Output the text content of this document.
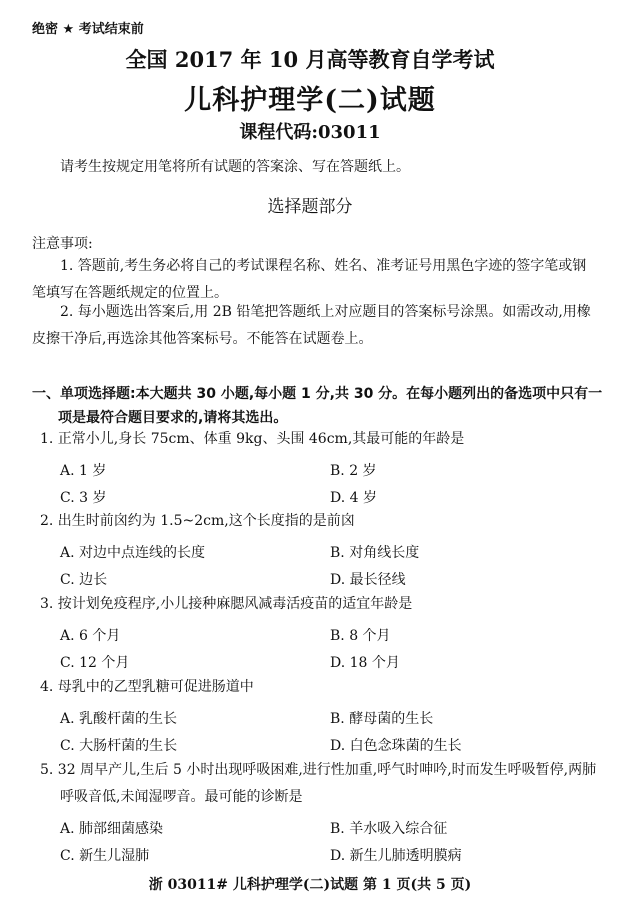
绝密 ★ 考试结束前
全国 2017 年 10 月高等教育自学考试
儿科护理学(二)试题
课程代码:03011
请考生按规定用笔将所有试题的答案涂、写在答题纸上。
选择题部分
注意事项:
1. 答题前,考生务必将自己的考试课程名称、姓名、准考证号用黑色字迹的签字笔或钢笔填写在答题纸规定的位置上。
2. 每小题选出答案后,用 2B 铅笔把答题纸上对应题目的答案标号涂黑。如需改动,用橡皮擦干净后,再选涂其他答案标号。不能答在试题卷上。
一、单项选择题:本大题共 30 小题,每小题 1 分,共 30 分。在每小题列出的备选项中只有一项是最符合题目要求的,请将其选出。
1. 正常小儿,身长 75cm、体重 9kg、头围 46cm,其最可能的年龄是
A. 1 岁	B. 2 岁
C. 3 岁	D. 4 岁
2. 出生时前囟约为 1.5~2cm,这个长度指的是前囟
A. 对边中点连线的长度	B. 对角线长度
C. 边长	D. 最长径线
3. 按计划免疫程序,小儿接种麻腮风减毒活疫苗的适宜年龄是
A. 6 个月	B. 8 个月
C. 12 个月	D. 18 个月
4. 母乳中的乙型乳糖可促进肠道中
A. 乳酸杆菌的生长	B. 酵母菌的生长
C. 大肠杆菌的生长	D. 白色念珠菌的生长
5. 32 周早产儿,生后 5 小时出现呼吸困难,进行性加重,呼气时呻吟,时而发生呼吸暂停,两肺呼吸音低,未闻湿啰音。最可能的诊断是
A. 肺部细菌感染	B. 羊水吸入综合征
C. 新生儿湿肺	D. 新生儿肺透明膜病
浙 03011# 儿科护理学(二)试题 第 1 页(共 5 页)
